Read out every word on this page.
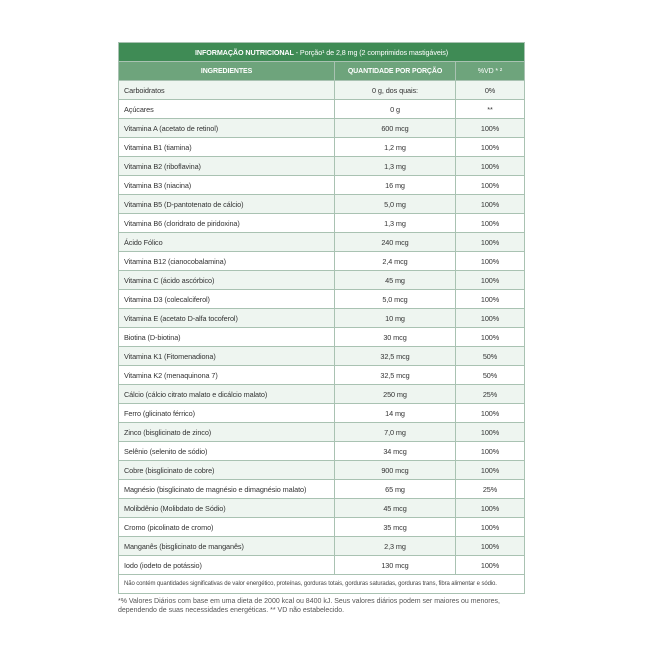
INFORMAÇÃO NUTRICIONAL - Porção¹ de 2,8 mg (2 comprimidos mastigáveis)		
INGREDIENTES	QUANTIDADE POR PORÇÃO	%VD * ²
Carboidratos	0 g, dos quais:	0%
Açúcares	0 g	**
Vitamina A (acetato de retinol)	600 mcg	100%
Vitamina B1 (tiamina)	1,2 mg	100%
Vitamina B2 (riboflavina)	1,3 mg	100%
Vitamina B3 (niacina)	16 mg	100%
Vitamina B5 (D-pantotenato de cálcio)	5,0 mg	100%
Vitamina B6 (cloridrato de piridoxina)	1,3 mg	100%
Ácido Fólico	240 mcg	100%
Vitamina B12 (cianocobalamina)	2,4 mcg	100%
Vitamina C (ácido ascórbico)	45 mg	100%
Vitamina D3 (colecalciferol)	5,0 mcg	100%
Vitamina E (acetato D-alfa tocoferol)	10 mg	100%
Biotina (D-biotina)	30 mcg	100%
Vitamina K1 (Fitomenadiona)	32,5 mcg	50%
Vitamina K2 (menaquinona 7)	32,5 mcg	50%
Cálcio (cálcio citrato malato e dicálcio malato)	250 mg	25%
Ferro (glicinato férrico)	14 mg	100%
Zinco (bisglicinato de zinco)	7,0 mg	100%
Selênio (selenito de sódio)	34 mcg	100%
Cobre (bisglicinato de cobre)	900 mcg	100%
Magnésio (bisglicinato de magnésio e dimagnésio malato)	65 mg	25%
Molibdênio (Molibdato de Sódio)	45 mcg	100%
Cromo (picolinato de cromo)	35 mcg	100%
Manganês (bisglicinato de manganês)	2,3 mg	100%
Iodo (iodeto de potássio)	130 mcg	100%
Não contém quantidades significativas de valor energético, proteínas, gorduras totais, gorduras saturadas, gorduras trans, fibra alimentar e sódio.		
*% Valores Diários com base em uma dieta de 2000 kcal ou 8400 kJ. Seus valores diários podem ser maiores ou menores,
dependendo de suas necessidades energéticas. ** VD não estabelecido.
